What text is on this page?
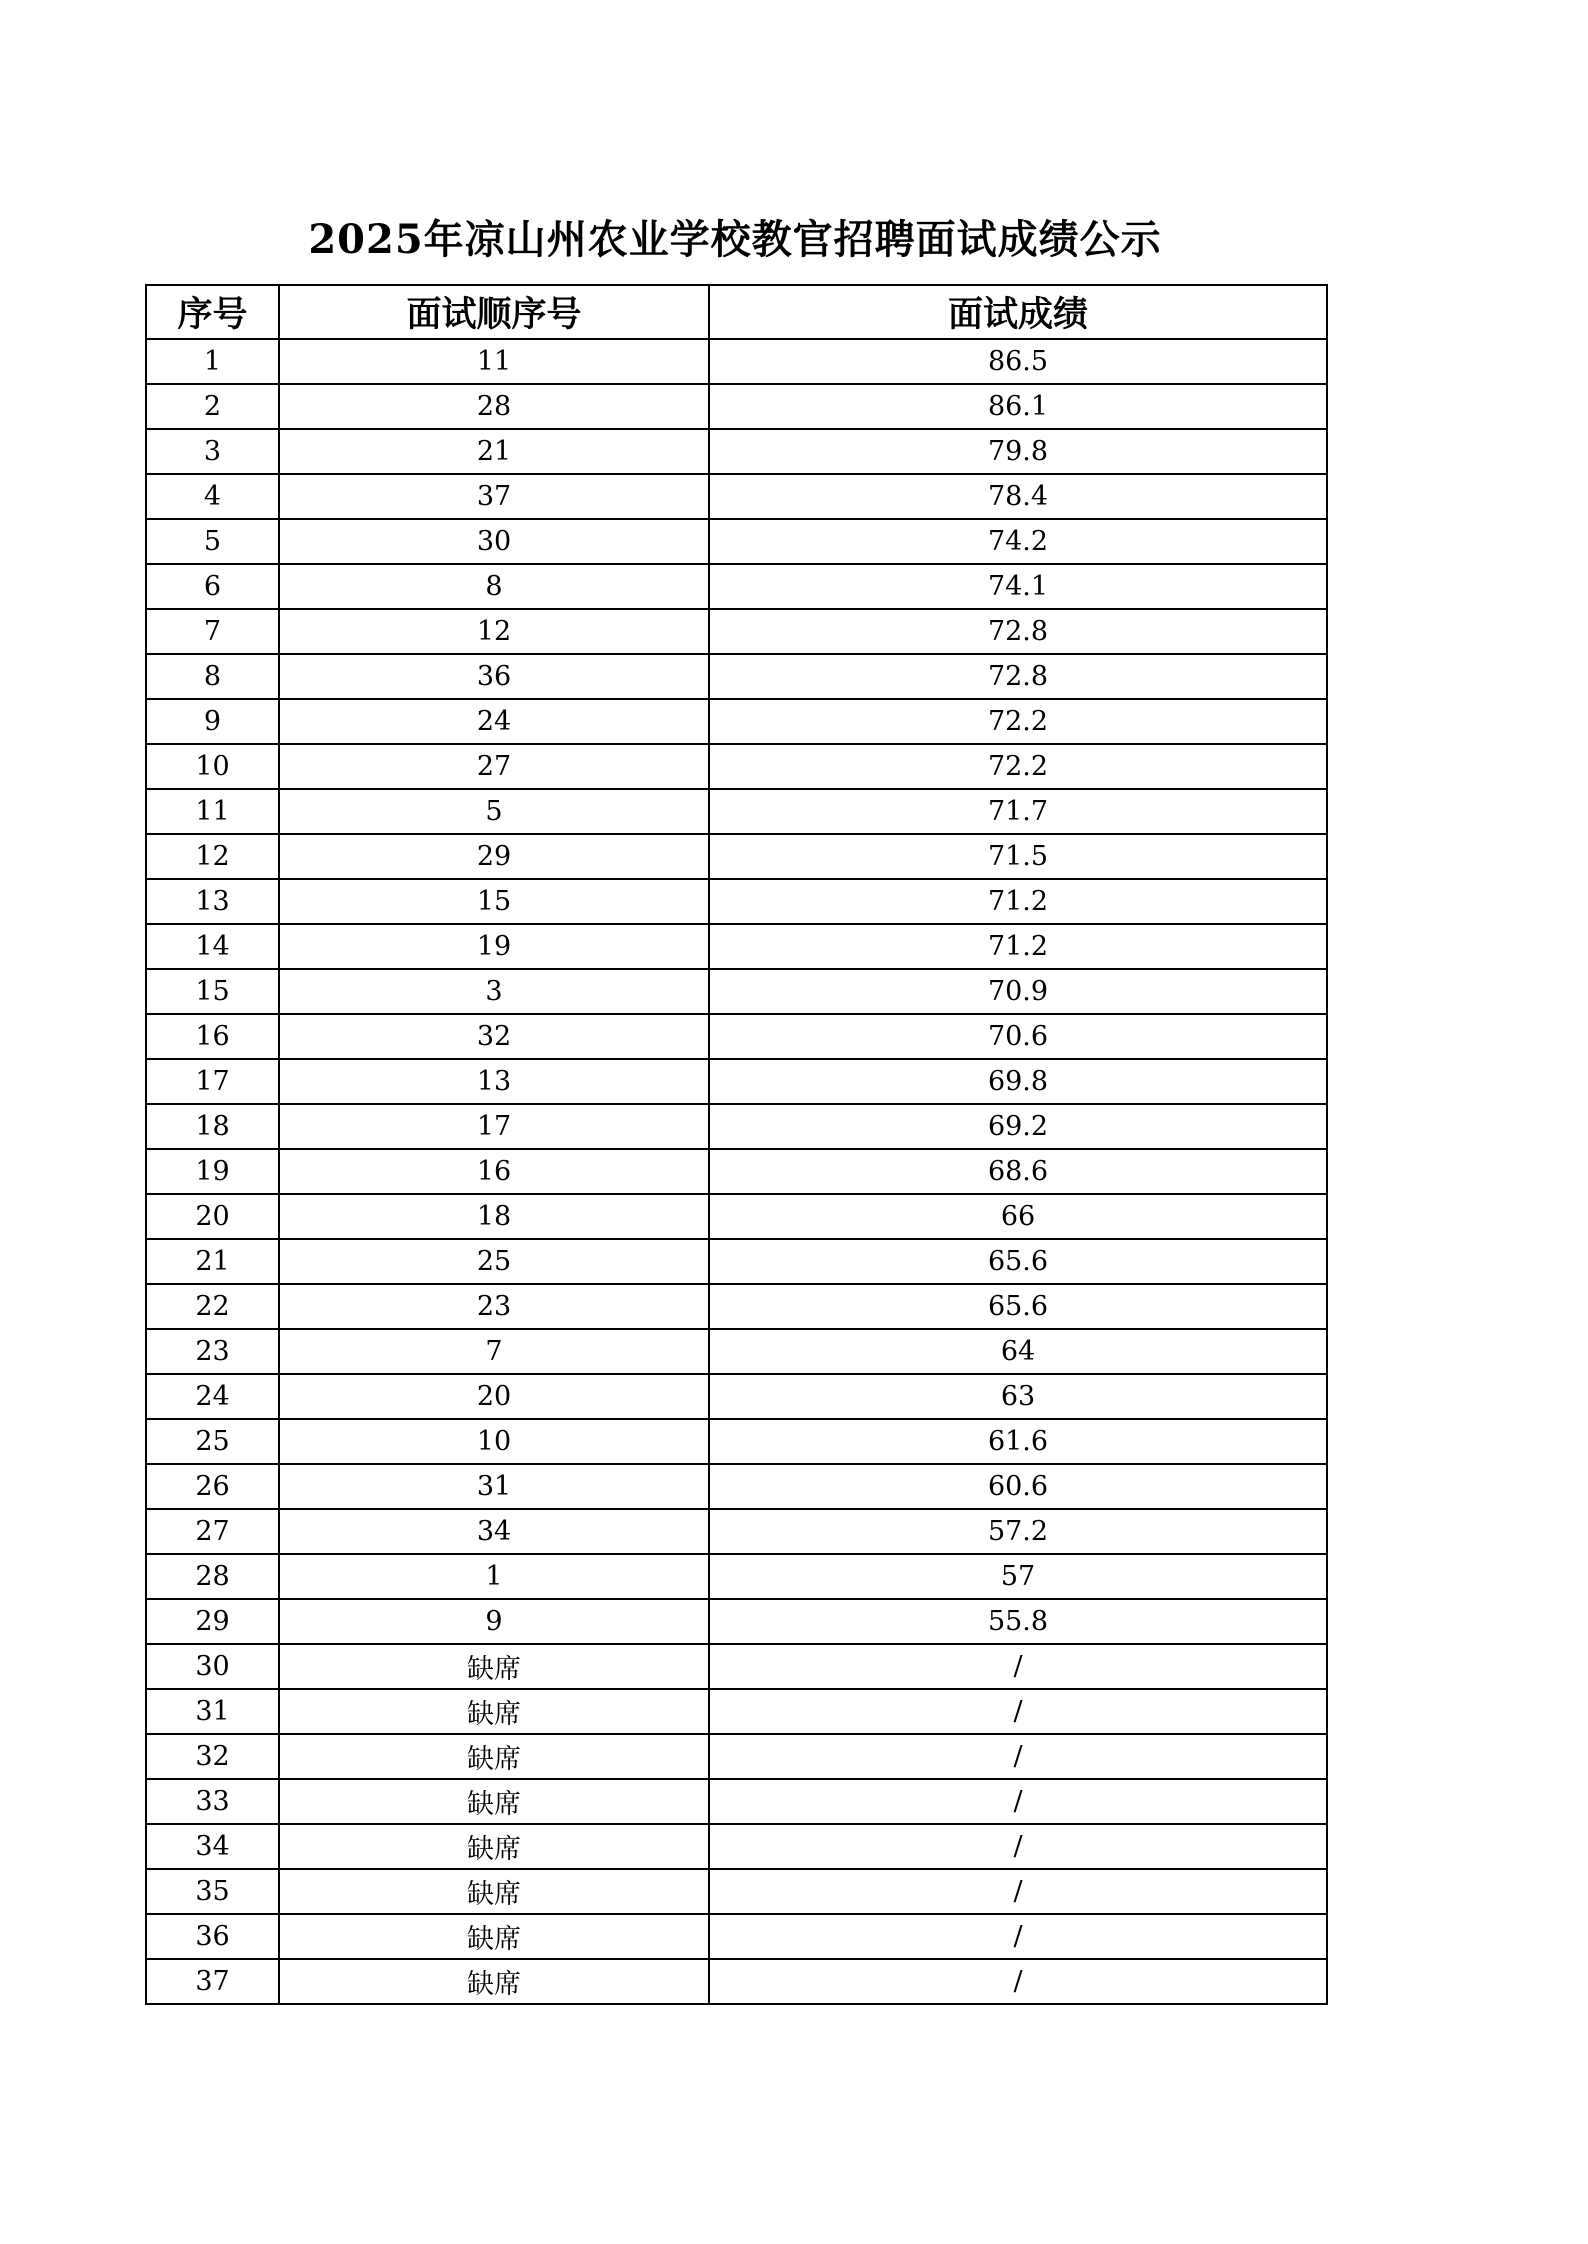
2025年凉山州农业学校教官招聘面试成绩公示
序号	面试顺序号	面试成绩
1	11	86.5
2	28	86.1
3	21	79.8
4	37	78.4
5	30	74.2
6	8	74.1
7	12	72.8
8	36	72.8
9	24	72.2
10	27	72.2
11	5	71.7
12	29	71.5
13	15	71.2
14	19	71.2
15	3	70.9
16	32	70.6
17	13	69.8
18	17	69.2
19	16	68.6
20	18	66
21	25	65.6
22	23	65.6
23	7	64
24	20	63
25	10	61.6
26	31	60.6
27	34	57.2
28	1	57
29	9	55.8
30	缺席	/
31	缺席	/
32	缺席	/
33	缺席	/
34	缺席	/
35	缺席	/
36	缺席	/
37	缺席	/
